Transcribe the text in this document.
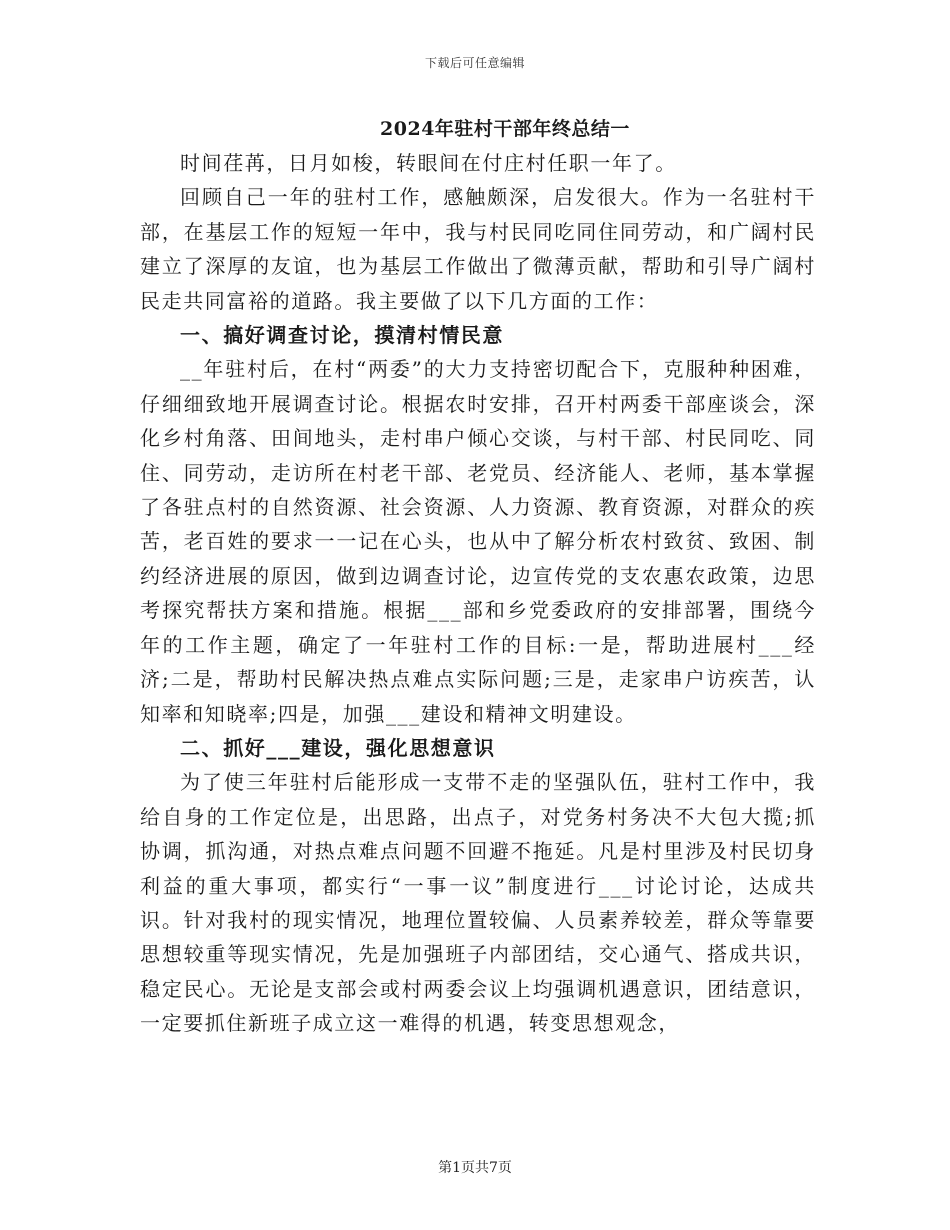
下载后可任意编辑
2024年驻村干部年终总结一

时间荏苒，日月如梭，转眼间在付庄村任职一年了。

回顾自己一年的驻村工作，感触颇深，启发很大。作为一名驻村干部，在基层工作的短短一年中，我与村民同吃同住同劳动，和广阔村民建立了深厚的友谊，也为基层工作做出了微薄贡献，帮助和引导广阔村民走共同富裕的道路。我主要做了以下几方面的工作：

一、搞好调查讨论，摸清村情民意

__年驻村后，在村“两委”的大力支持密切配合下，克服种种困难，仔细细致地开展调查讨论。根据农时安排，召开村两委干部座谈会，深化乡村角落、田间地头，走村串户倾心交谈，与村干部、村民同吃、同住、同劳动，走访所在村老干部、老党员、经济能人、老师，基本掌握了各驻点村的自然资源、社会资源、人力资源、教育资源，对群众的疾苦，老百姓的要求一一记在心头，也从中了解分析农村致贫、致困、制约经济进展的原因，做到边调查讨论，边宣传党的支农惠农政策，边思考探究帮扶方案和措施。根据___部和乡党委政府的安排部署，围绕今年的工作主题，确定了一年驻村工作的目标:一是，帮助进展村___经济;二是，帮助村民解决热点难点实际问题;三是，走家串户访疾苦，认知率和知晓率;四是，加强___建设和精神文明建设。

二、抓好___建设，强化思想意识

为了使三年驻村后能形成一支带不走的坚强队伍，驻村工作中，我给自身的工作定位是，出思路，出点子，对党务村务决不大包大揽;抓协调，抓沟通，对热点难点问题不回避不拖延。凡是村里涉及村民切身利益的重大事项，都实行“一事一议”制度进行___讨论讨论，达成共识。针对我村的现实情况，地理位置较偏、人员素养较差，群众等靠要思想较重等现实情况，先是加强班子内部团结，交心通气、搭成共识，稳定民心。无论是支部会或村两委会议上均强调机遇意识，团结意识，一定要抓住新班子成立这一难得的机遇，转变思想观念，

第1页共7页
